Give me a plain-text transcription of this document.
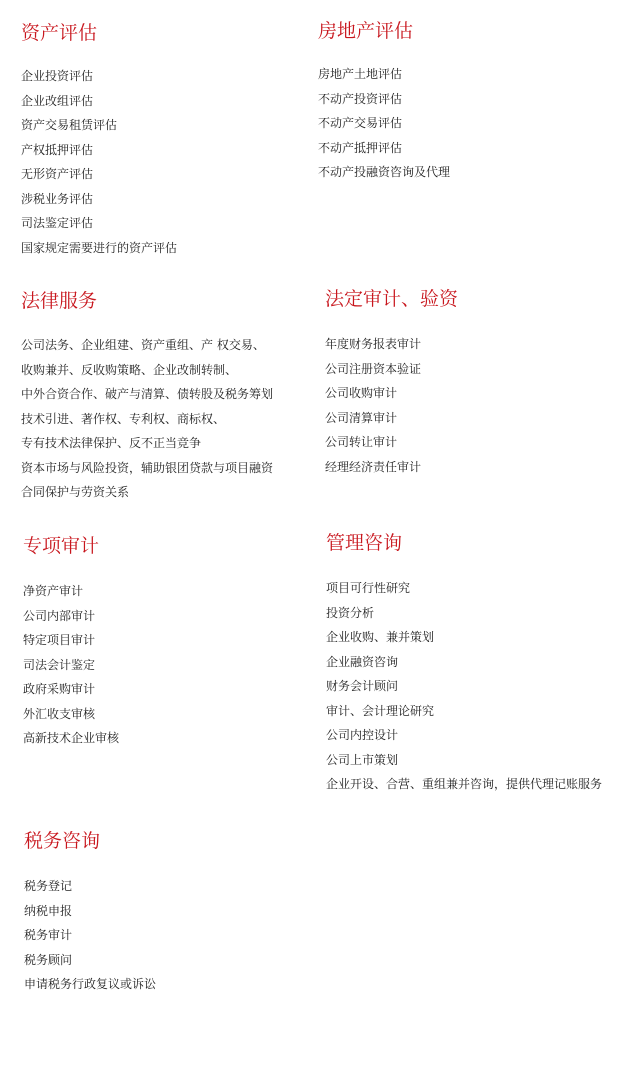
资产评估
企业投资评估
企业改组评估
资产交易租赁评估
产权抵押评估
无形资产评估
涉税业务评估
司法鉴定评估
国家规定需要进行的资产评估
房地产评估
房地产土地评估
不动产投资评估
不动产交易评估
不动产抵押评估
不动产投融资咨询及代理
法律服务
公司法务、企业组建、资产重组、产 权交易、
收购兼并、反收购策略、企业改制转制、
中外合资合作、破产与清算、债转股及税务筹划
技术引进、著作权、专利权、商标权、
专有技术法律保护、反不正当竞争
资本市场与风险投资，辅助银团贷款与项目融资
合同保护与劳资关系
法定审计、验资
年度财务报表审计
公司注册资本验证
公司收购审计
公司清算审计
公司转让审计
经理经济责任审计
专项审计
净资产审计
公司内部审计
特定项目审计
司法会计鉴定
政府采购审计
外汇收支审核
高新技术企业审核
管理咨询
项目可行性研究
投资分析
企业收购、兼并策划
企业融资咨询
财务会计顾问
审计、会计理论研究
公司内控设计
公司上市策划
企业开设、合营、重组兼并咨询，提供代理记账服务
税务咨询
税务登记
纳税申报
税务审计
税务顾问
申请税务行政复议或诉讼
